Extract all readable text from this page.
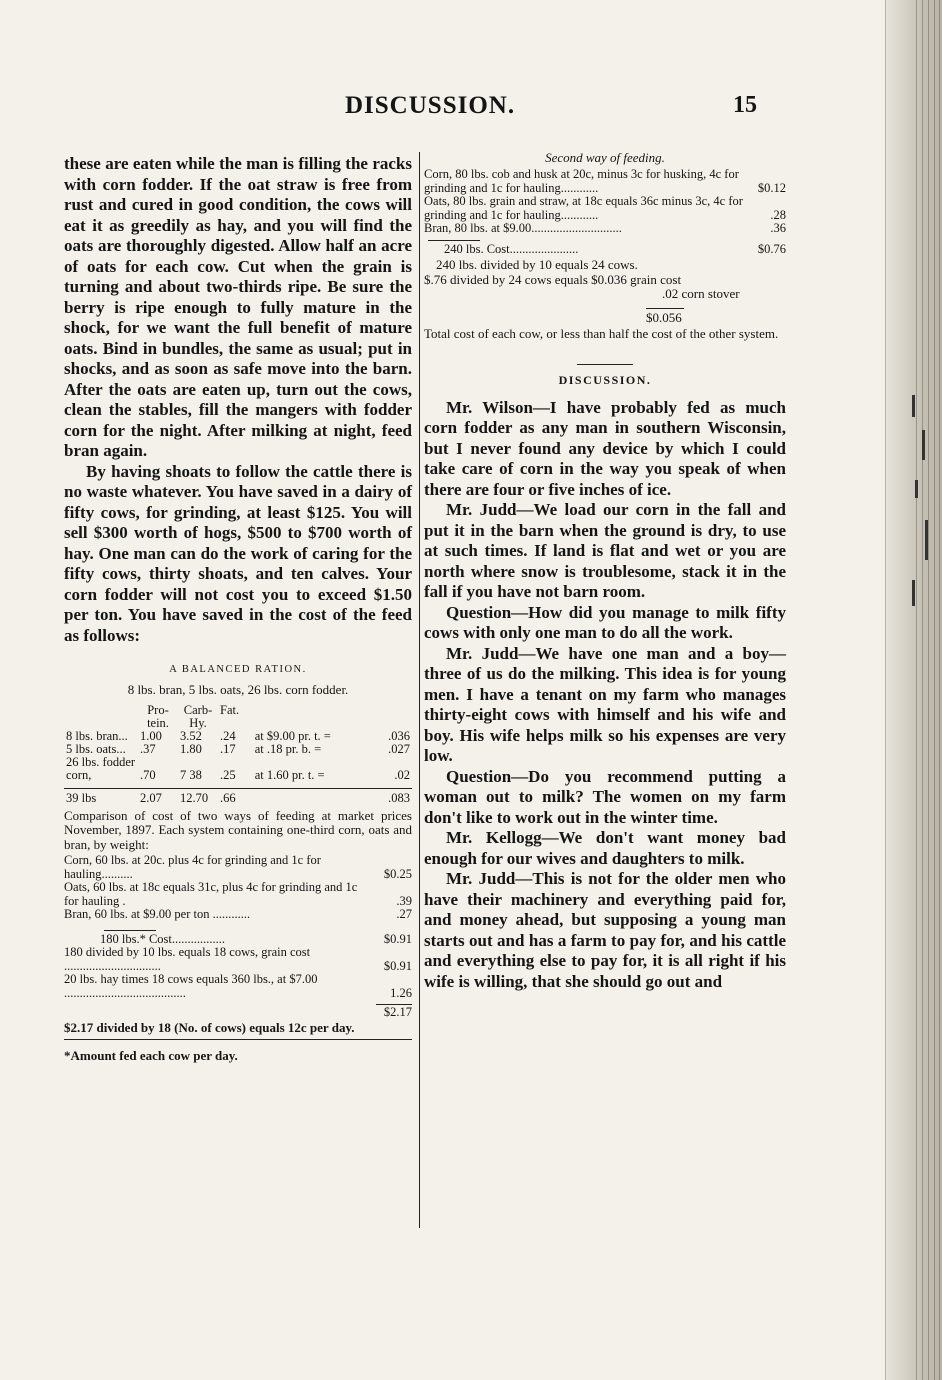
DISCUSSION.	15

these are eaten while the man is filling the racks with corn fodder. If the oat straw is free from rust and cured in good condition, the cows will eat it as greedily as hay, and you will find the oats are thoroughly digested. Allow half an acre of oats for each cow. Cut when the grain is turning and about two-thirds ripe. Be sure the berry is ripe enough to fully mature in the shock, for we want the full benefit of mature oats. Bind in bundles, the same as usual; put in shocks, and as soon as safe move into the barn. After the oats are eaten up, turn out the cows, clean the stables, fill the mangers with fodder corn for the night. After milking at night, feed bran again.

By having shoats to follow the cattle there is no waste whatever. You have saved in a dairy of fifty cows, for grinding, at least $125. You will sell $300 worth of hogs, $500 to $700 worth of hay. One man can do the work of caring for the fifty cows, thirty shoats, and ten calves. Your corn fodder will not cost you to exceed $1.50 per ton. You have saved in the cost of the feed as follows:

A BALANCED RATION.
8 lbs. bran, 5 lbs. oats, 26 lbs. corn fodder.
	Pro-tein.	Carb-Hy.	Fat.		
8 lbs. bran...	1.00	3.52	.24	at $9.00 pr. t. =	.036
5 lbs. oats...	.37	1.80	.17	at .18 pr. b. =	.027
26 lbs. fodder corn,	.70	7 38	.25	at 1.60 pr. t. =	.02

39 lbs	2.07	12.70	.66		.083
Comparison of cost of two ways of feeding at market prices November, 1897. Each system containing one-third corn, oats and bran, by weight:
Corn, 60 lbs. at 20c. plus 4c for grinding and 1c for hauling..........	$0.25
Oats, 60 lbs. at 18c equals 31c, plus 4c for grinding and 1c for hauling .	.39
Bran, 60 lbs. at $9.00 per ton ............	.27
180 lbs.* Cost.................	$0.91
180 divided by 10 lbs. equals 18 cows, grain cost ...............................	$0.91
20 lbs. hay times 18 cows equals 360 lbs., at $7.00 .......................................	1.26
$2.17
$2.17 divided by 18 (No. of cows) equals 12c per day.
*Amount fed each cow per day.
Second way of feeding.
Corn, 80 lbs. cob and husk at 20c, minus 3c for husking, 4c for grinding and 1c for hauling............	$0.12
Oats, 80 lbs. grain and straw, at 18c equals 36c minus 3c, 4c for grinding and 1c for hauling............	.28
Bran, 80 lbs. at $9.00.............................	.36
240 lbs. Cost......................	$0.76
240 lbs. divided by 10 equals 24 cows.
$.76 divided by 24 cows equals $0.036 grain cost
.02 corn stover
$0.056
Total cost of each cow, or less than half the cost of the other system.
DISCUSSION.

Mr. Wilson—I have probably fed as much corn fodder as any man in southern Wisconsin, but I never found any device by which I could take care of corn in the way you speak of when there are four or five inches of ice.

Mr. Judd—We load our corn in the fall and put it in the barn when the ground is dry, to use at such times. If land is flat and wet or you are north where snow is troublesome, stack it in the fall if you have not barn room.

Question—How did you manage to milk fifty cows with only one man to do all the work.

Mr. Judd—We have one man and a boy—three of us do the milking. This idea is for young men. I have a tenant on my farm who manages thirty-eight cows with himself and his wife and boy. His wife helps milk so his expenses are very low.

Question—Do you recommend putting a woman out to milk? The women on my farm don't like to work out in the winter time.

Mr. Kellogg—We don't want money bad enough for our wives and daughters to milk.

Mr. Judd—This is not for the older men who have their machinery and everything paid for, and money ahead, but supposing a young man starts out and has a farm to pay for, and his cattle and everything else to pay for, it is all right if his wife is willing, that she should go out and
